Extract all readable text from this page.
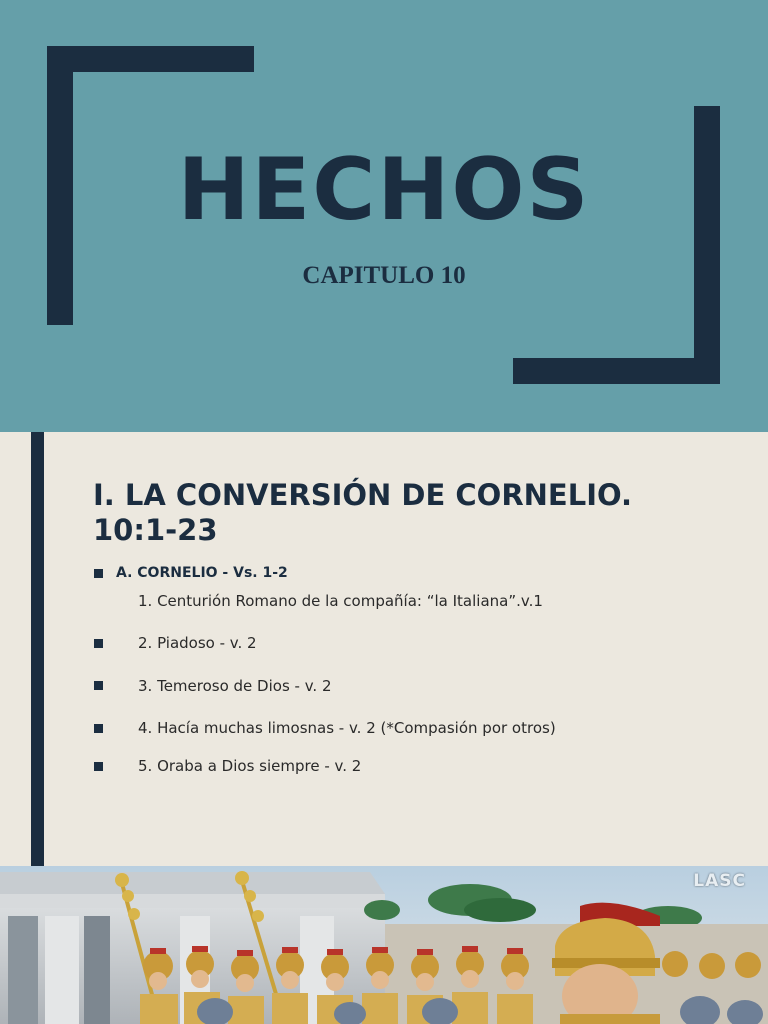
HECHOS
CAPITULO 10
I. LA CONVERSIÓN DE CORNELIO.
10:1-23
A. CORNELIO - Vs. 1-2
1. Centurión Romano de la compañía: “la Italiana”.v.1
2. Piadoso - v. 2
3. Temeroso de Dios - v. 2
4. Hacía muchas limosnas - v. 2 (*Compasión por otros)
5. Oraba a Dios siempre - v. 2
LASC
